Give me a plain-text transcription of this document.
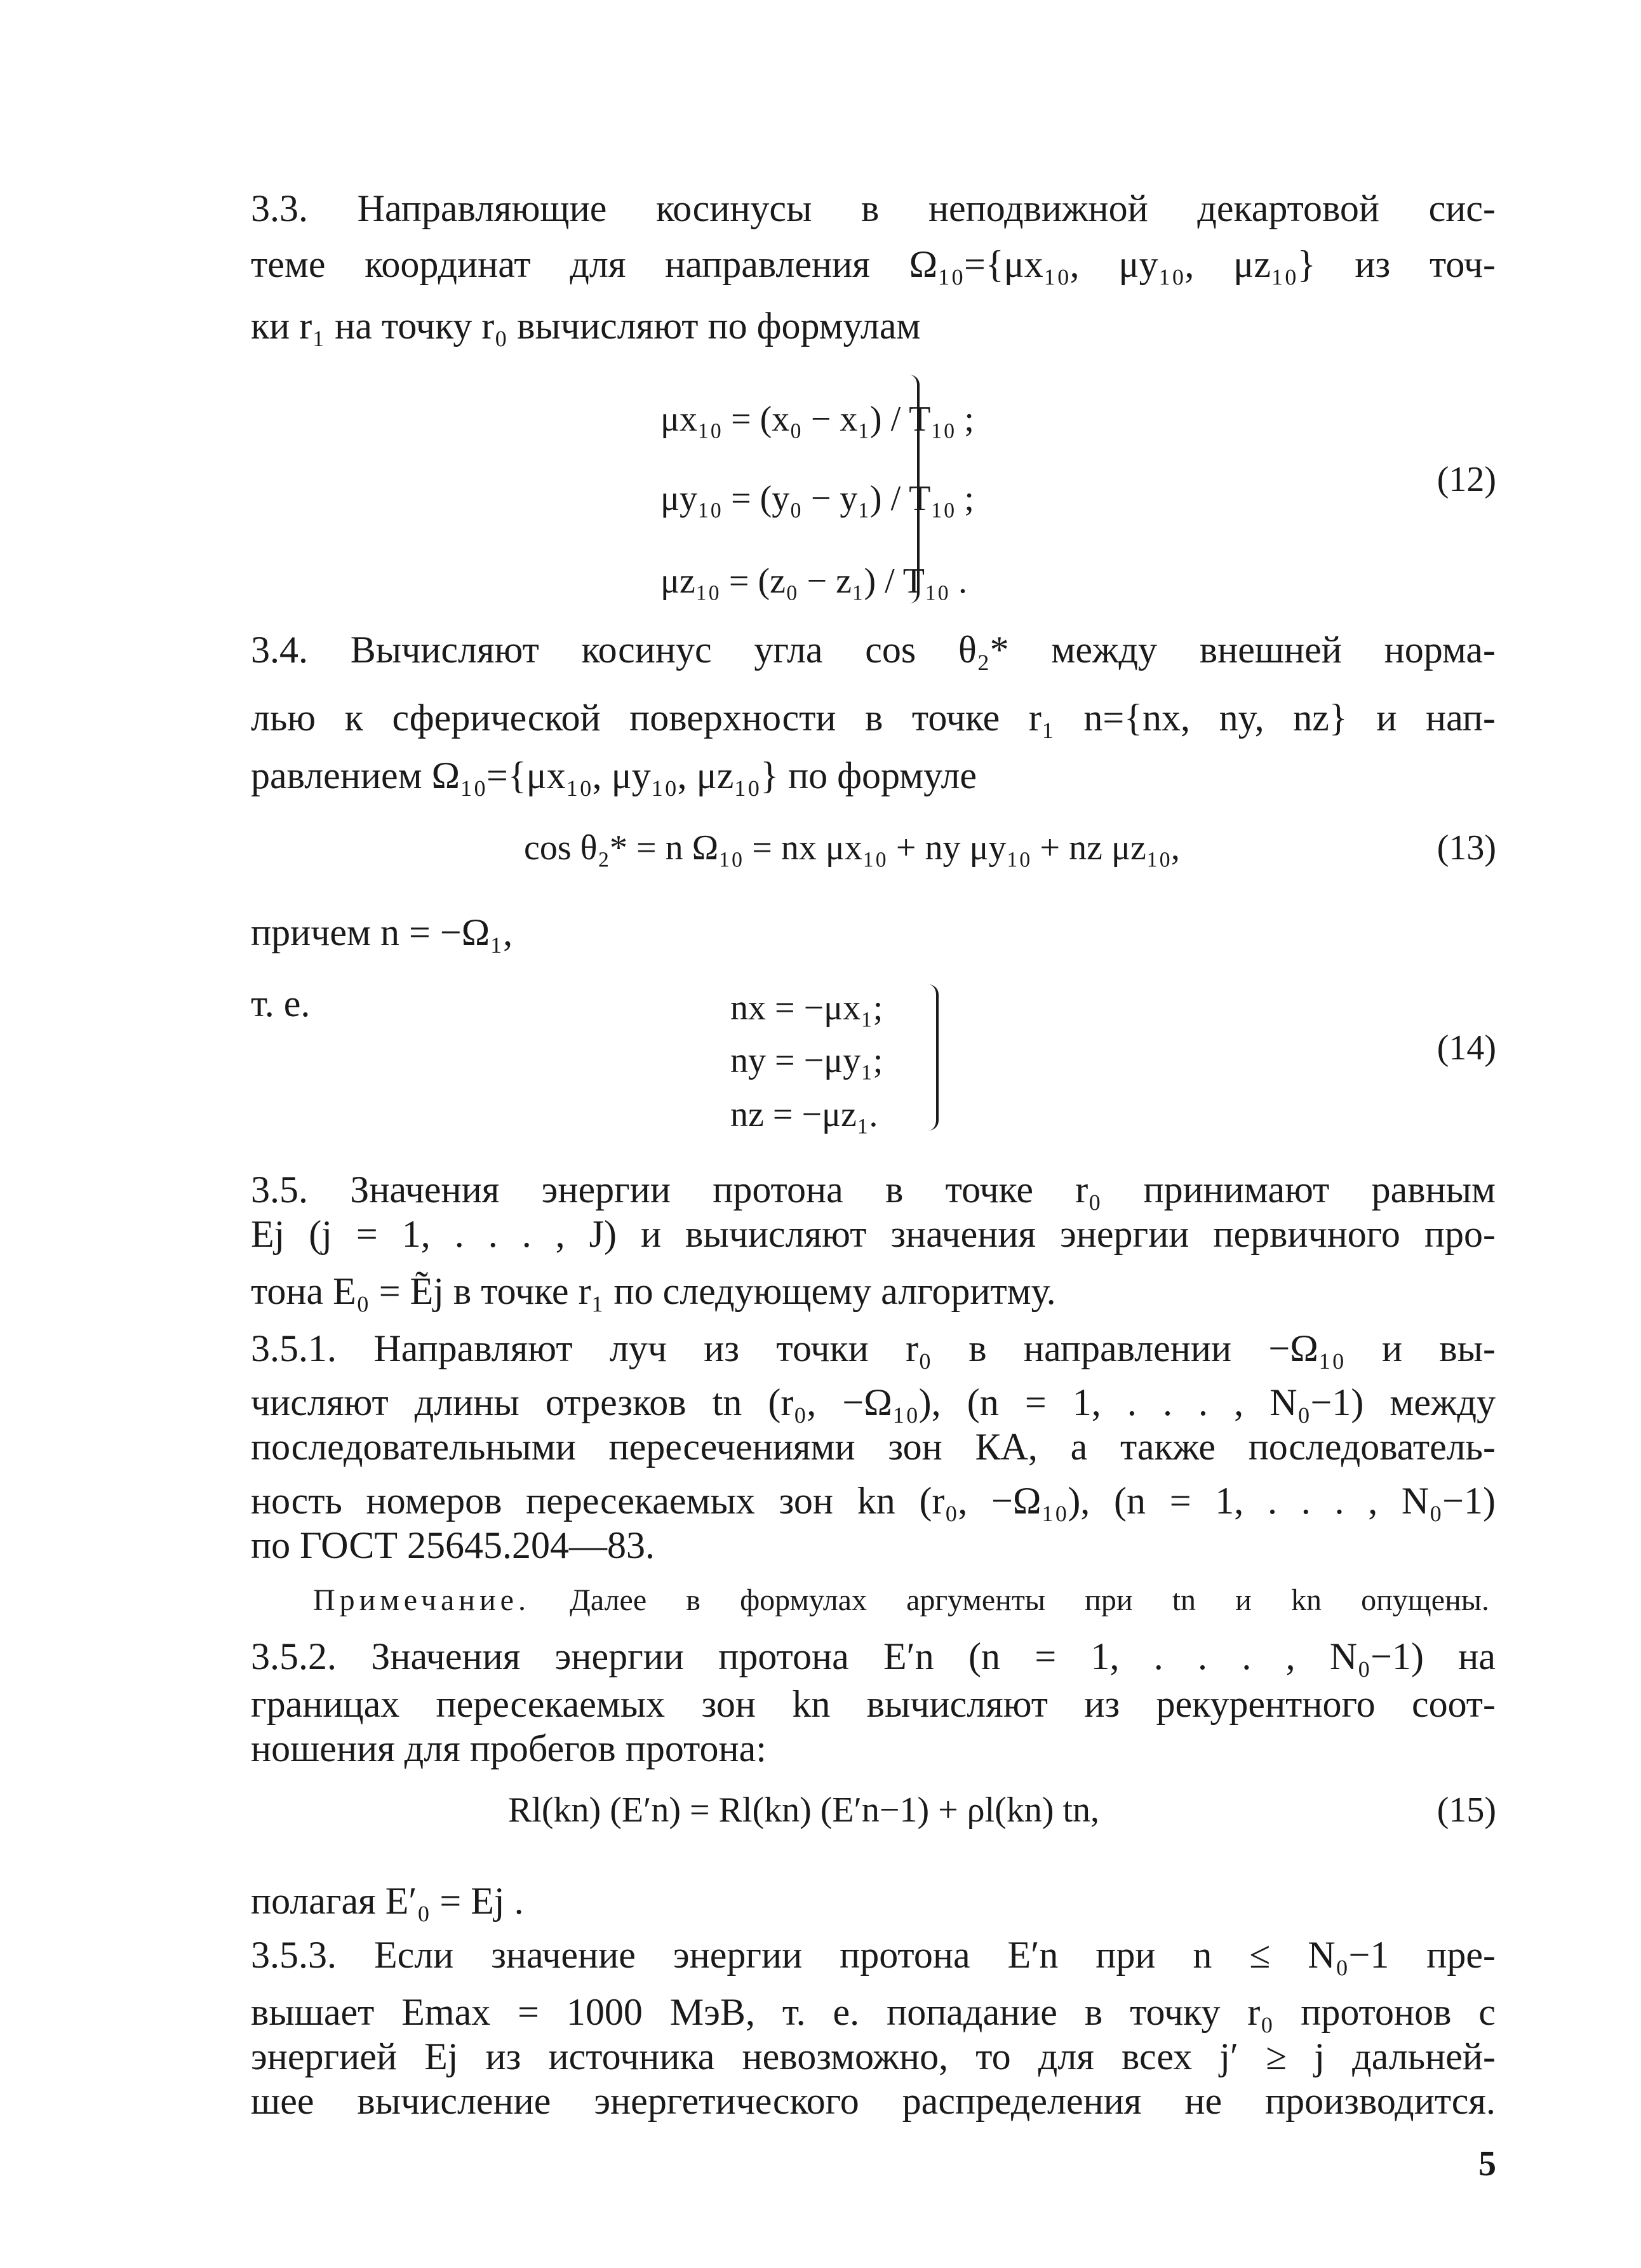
3.3. Направляющие косинусы в неподвижной декартовой сис-
теме координат для направления Ω₁₀={μx₁₀, μy₁₀, μz₁₀} из точ-
ки r₁ на точку r₀ вычисляют по формулам
μx₁₀ = (x₀ − x₁) / T₁₀ ;
μy₁₀ = (y₀ − y₁) / T₁₀ ;
μz₁₀ = (z₀ − z₁) / T₁₀ .
(12)
3.4. Вычисляют косинус угла cos θ₂* между внешней норма-
лью к сферической поверхности в точке r₁ n={nx, ny, nz} и нап-
равлением Ω₁₀={μx₁₀, μy₁₀, μz₁₀} по формуле
cos θ₂* = n Ω₁₀ = nx μx₁₀ + ny μy₁₀ + nz μz₁₀,	(13)
причем n = −Ω₁,
т. е.	nx = −μx₁;
ny = −μy₁;
nz = −μz₁.
(14)
3.5. Значения энергии протона в точке r₀ принимают равным
Ej (j = 1, . . . , J) и вычисляют значения энергии первичного про-
тона E₀ = Ẽj в точке r₁ по следующему алгоритму.
3.5.1. Направляют луч из точки r₀ в направлении −Ω₁₀ и вы-
числяют длины отрезков tn (r₀, −Ω₁₀), (n = 1, . . . , N₀−1) между
последовательными пересечениями зон КА, а также последователь-
ность номеров пересекаемых зон kn (r₀, −Ω₁₀), (n = 1, . . . , N₀−1)
по ГОСТ 25645.204—83.
Примечание. Далее в формулах аргументы при tn и kn опущены.
3.5.2. Значения энергии протона E′n (n = 1, . . . , N₀−1) на
границах пересекаемых зон kn вычисляют из рекурентного соот-
ношения для пробегов протона:
Rl(kn) (E′n) = Rl(kn) (E′n−1) + ρl(kn) tn,	(15)
полагая E′₀ = Ej .
3.5.3. Если значение энергии протона E′n при n ≤ N₀−1 пре-
вышает Emax = 1000 МэВ, т. е. попадание в точку r₀ протонов с
энергией Ej из источника невозможно, то для всех j′ ≥ j дальней-
шее вычисление энергетического распределения не производится.
5
